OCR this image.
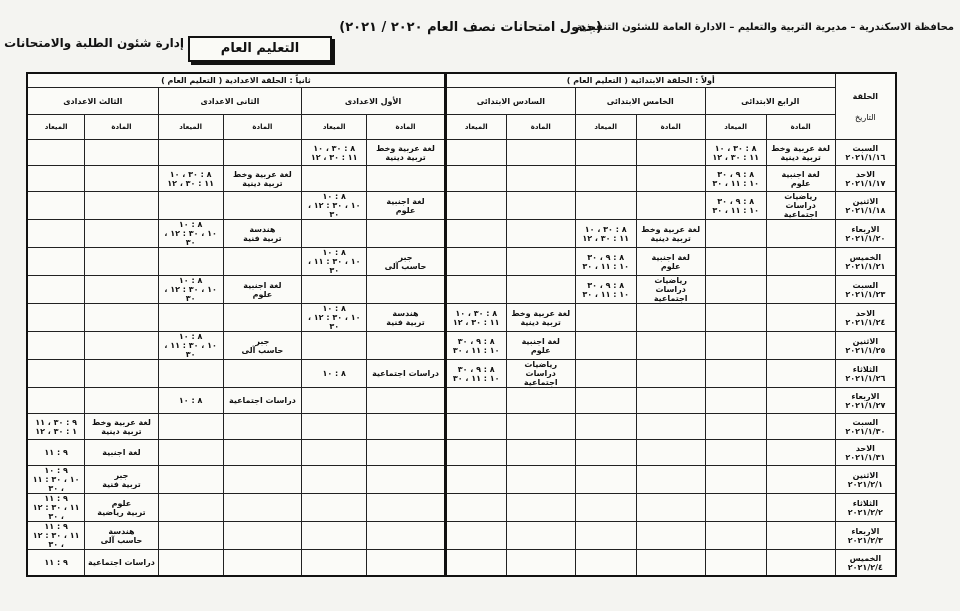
محافظة الاسكندرية – مديرية التربية والتعليم – الادارة العامة للشئون التنفيذية
(جدول امتحانات نصف العام ٢٠٢٠ / ٢٠٢١)
التعليم العام
إدارة شئون الطلبة والامتحانات
الحلقة
التاريخ	أولاً : الحلقة الابتدائية ( التعليم العام )						ثانياً : الحلقة الاعدادية ( التعليم العام )					
	الرابع الابتدائى		الخامس الابتدائى		السادس الابتدائى		الأول الاعدادى		الثانى الاعدادى		الثالث الاعدادى	
	المادة	الميعاد	المادة	الميعاد	المادة	الميعاد	المادة	الميعاد	المادة	الميعاد	المادة	الميعاد

السبت
٢٠٢١/١/١٦	لغة عربية وخط
تربية دينية	٨ : ٣٠ ، ١٠
١١ : ٣٠ ، ١٢					لغة عربية وخط
تربية دينية	٨ : ٣٠ ، ١٠
١١ : ٣٠ ، ١٢				

الاحد
٢٠٢١/١/١٧	لغة اجنبية
علوم	٨ : ٩ ، ٣٠
١٠ : ١١ ، ٣٠							لغة عربية وخط
تربية دينية	٨ : ٣٠ ، ١٠
١١ : ٣٠ ، ١٢		

الاثنين
٢٠٢١/١/١٨	رياضيات
دراسات اجتماعية	٨ : ٩ ، ٣٠
١٠ : ١١ ، ٣٠					لغة اجنبية
علوم	٨ : ١٠
١٠ ، ٣٠ : ١٢ ، ٣٠				

الاربعاء
٢٠٢١/١/٢٠			لغة عربية وخط
تربية دينية	٨ : ٣٠ ، ١٠
١١ : ٣٠ ، ١٢					هندسة
تربية فنية	٨ : ١٠
١٠ ، ٣٠ : ١٢ ، ٣٠		

الخميس
٢٠٢١/١/٢١			لغة اجنبية
علوم	٨ : ٩ ، ٣٠
١٠ : ١١ ، ٣٠			جبر
حاسب آلى	٨ : ١٠
١٠ ، ٣٠ : ١١ ، ٣٠				

السبت
٢٠٢١/١/٢٣			رياضيات
دراسات اجتماعية	٨ : ٩ ، ٣٠
١٠ : ١١ ، ٣٠					لغة اجنبية
علوم	٨ : ١٠
١٠ ، ٣٠ : ١٢ ، ٣٠		

الاحد
٢٠٢١/١/٢٤					لغة عربية وخط
تربية دينية	٨ : ٣٠ ، ١٠
١١ : ٣٠ ، ١٢	هندسة
تربية فنية	٨ : ١٠
١٠ ، ٣٠ : ١٢ ، ٣٠				

الاثنين
٢٠٢١/١/٢٥					لغة اجنبية
علوم	٨ : ٩ ، ٣٠
١٠ : ١١ ، ٣٠			جبر
حاسب آلى	٨ : ١٠
١٠ ، ٣٠ : ١١ ، ٣٠		

الثلاثاء
٢٠٢١/١/٢٦					رياضيات
دراسات اجتماعية	٨ : ٩ ، ٣٠
١٠ : ١١ ، ٣٠	دراسات اجتماعية	٨ : ١٠				

الاربعاء
٢٠٢١/١/٢٧									دراسات اجتماعية	٨ : ١٠		

السبت
٢٠٢١/١/٣٠											لغة عربية وخط
تربية دينية	٩ : ٣٠ ، ١١
١ : ٣٠ ، ١٢

الاحد
٢٠٢١/١/٣١											لغة اجنبية	٩ : ١١

الاثنين
٢٠٢١/٢/١											جبر
تربية فنية	٩ : ١٠
١٠ ، ٣٠ : ١١ ، ٣٠

الثلاثاء
٢٠٢١/٢/٢											علوم
تربية رياضية	٩ : ١١
١١ ، ٣٠ : ١٢ ، ٣٠

الاربعاء
٢٠٢١/٢/٣											هندسة
حاسب آلى	٩ : ١١
١١ ، ٣٠ : ١٢ ، ٣٠

الخميس
٢٠٢١/٢/٤											دراسات اجتماعية	٩ : ١١
